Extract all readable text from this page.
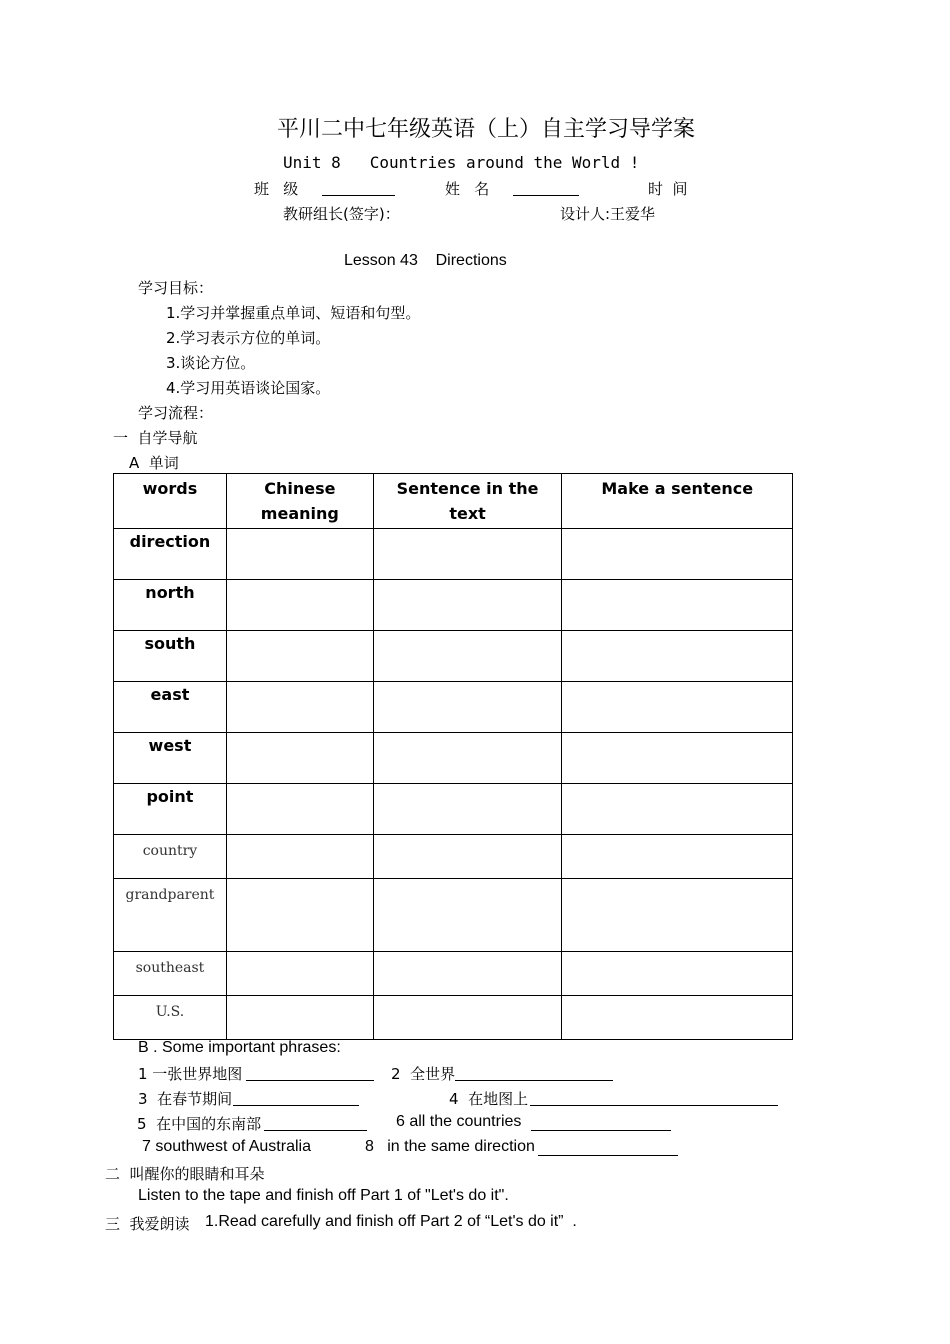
平川二中七年级英语（上）自主学习导学案
Unit 8   Countries around the World !
班   级	姓   名	时  间
教研组长(签字)：	设计人:王爱华
Lesson 43    Directions
学习目标：
1.学习并掌握重点单词、短语和句型。
2.学习表示方位的单词。
3.谈论方位。
4.学习用英语谈论国家。
学习流程：
一  自学导航
A  单词
words	Chinese meaning	Sentence in the text	Make a sentence
direction			
north			
south			
east			
west			
point			
country			
grandparent			
southeast			
U.S.			
B . Some important phrases:
1 一张世界地图	2  全世界
3  在春节期间	4  在地图上
5  在中国的东南部	6 all the countries
7 southwest of Australia	8   in the same direction
二  叫醒你的眼睛和耳朵
Listen to the tape and finish off Part 1 of "Let's do it".
三  我爱朗读 1.Read carefully and finish off Part 2 of “Let's do it”  .
